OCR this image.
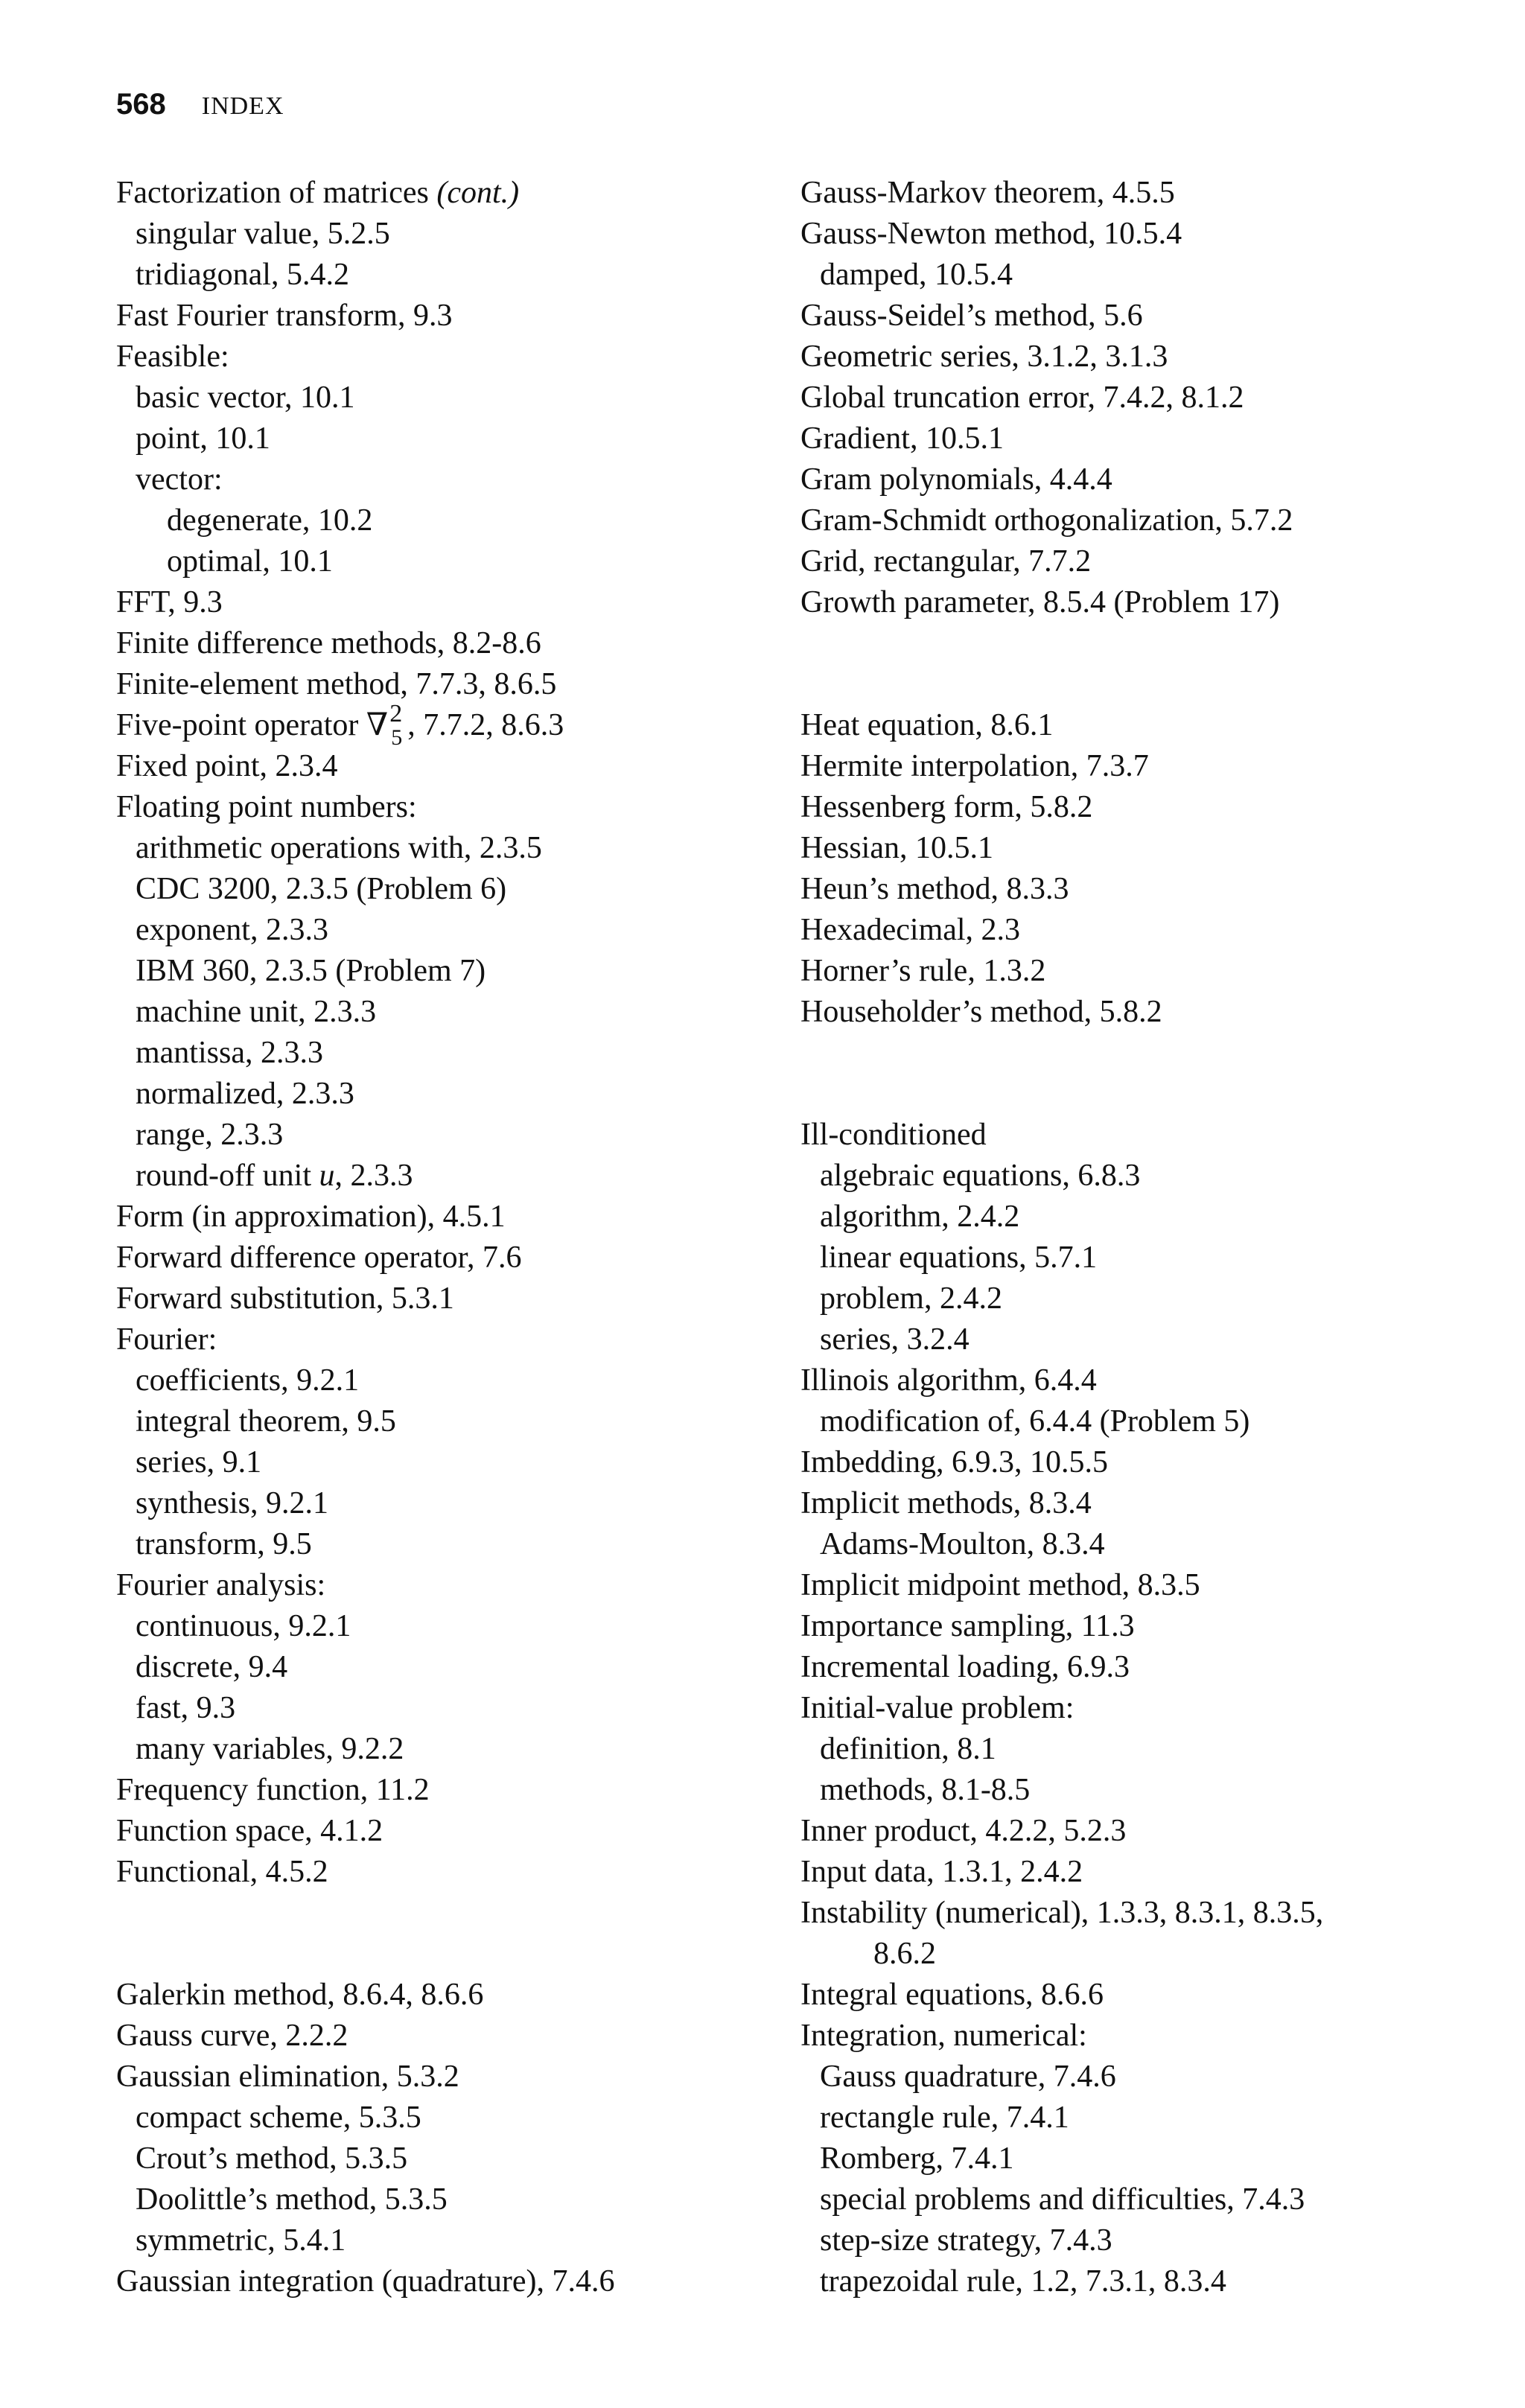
568 INDEX
Factorization of matrices (cont.)
singular value, 5.2.5
tridiagonal, 5.4.2
Fast Fourier transform, 9.3
Feasible:
basic vector, 10.1
point, 10.1
vector:
degenerate, 10.2
optimal, 10.1
FFT, 9.3
Finite difference methods, 8.2-8.6
Finite-element method, 7.7.3, 8.6.5
Five-point operator ∇ 2
5 , 7.7.2, 8.6.3
Fixed point, 2.3.4
Floating point numbers:
arithmetic operations with, 2.3.5
CDC 3200, 2.3.5 (Problem 6)
exponent, 2.3.3
IBM 360, 2.3.5 (Problem 7)
machine unit, 2.3.3
mantissa, 2.3.3
normalized, 2.3.3
range, 2.3.3
round-off unit u, 2.3.3
Form (in approximation), 4.5.1
Forward difference operator, 7.6
Forward substitution, 5.3.1
Fourier:
coefficients, 9.2.1
integral theorem, 9.5
series, 9.1
synthesis, 9.2.1
transform, 9.5
Fourier analysis:
continuous, 9.2.1
discrete, 9.4
fast, 9.3
many variables, 9.2.2
Frequency function, 11.2
Function space, 4.1.2
Functional, 4.5.2
Galerkin method, 8.6.4, 8.6.6
Gauss curve, 2.2.2
Gaussian elimination, 5.3.2
compact scheme, 5.3.5
Crout’s method, 5.3.5
Doolittle’s method, 5.3.5
symmetric, 5.4.1
Gaussian integration (quadrature), 7.4.6
Gauss-Markov theorem, 4.5.5
Gauss-Newton method, 10.5.4
damped, 10.5.4
Gauss-Seidel’s method, 5.6
Geometric series, 3.1.2, 3.1.3
Global truncation error, 7.4.2, 8.1.2
Gradient, 10.5.1
Gram polynomials, 4.4.4
Gram-Schmidt orthogonalization, 5.7.2
Grid, rectangular, 7.7.2
Growth parameter, 8.5.4 (Problem 17)
Heat equation, 8.6.1
Hermite interpolation, 7.3.7
Hessenberg form, 5.8.2
Hessian, 10.5.1
Heun’s method, 8.3.3
Hexadecimal, 2.3
Horner’s rule, 1.3.2
Householder’s method, 5.8.2
Ill-conditioned
algebraic equations, 6.8.3
algorithm, 2.4.2
linear equations, 5.7.1
problem, 2.4.2
series, 3.2.4
Illinois algorithm, 6.4.4
modification of, 6.4.4 (Problem 5)
Imbedding, 6.9.3, 10.5.5
Implicit methods, 8.3.4
Adams-Moulton, 8.3.4
Implicit midpoint method, 8.3.5
Importance sampling, 11.3
Incremental loading, 6.9.3
Initial-value problem:
definition, 8.1
methods, 8.1-8.5
Inner product, 4.2.2, 5.2.3
Input data, 1.3.1, 2.4.2
Instability (numerical), 1.3.3, 8.3.1, 8.3.5,
8.6.2
Integral equations, 8.6.6
Integration, numerical:
Gauss quadrature, 7.4.6
rectangle rule, 7.4.1
Romberg, 7.4.1
special problems and difficulties, 7.4.3
step-size strategy, 7.4.3
trapezoidal rule, 1.2, 7.3.1, 8.3.4
